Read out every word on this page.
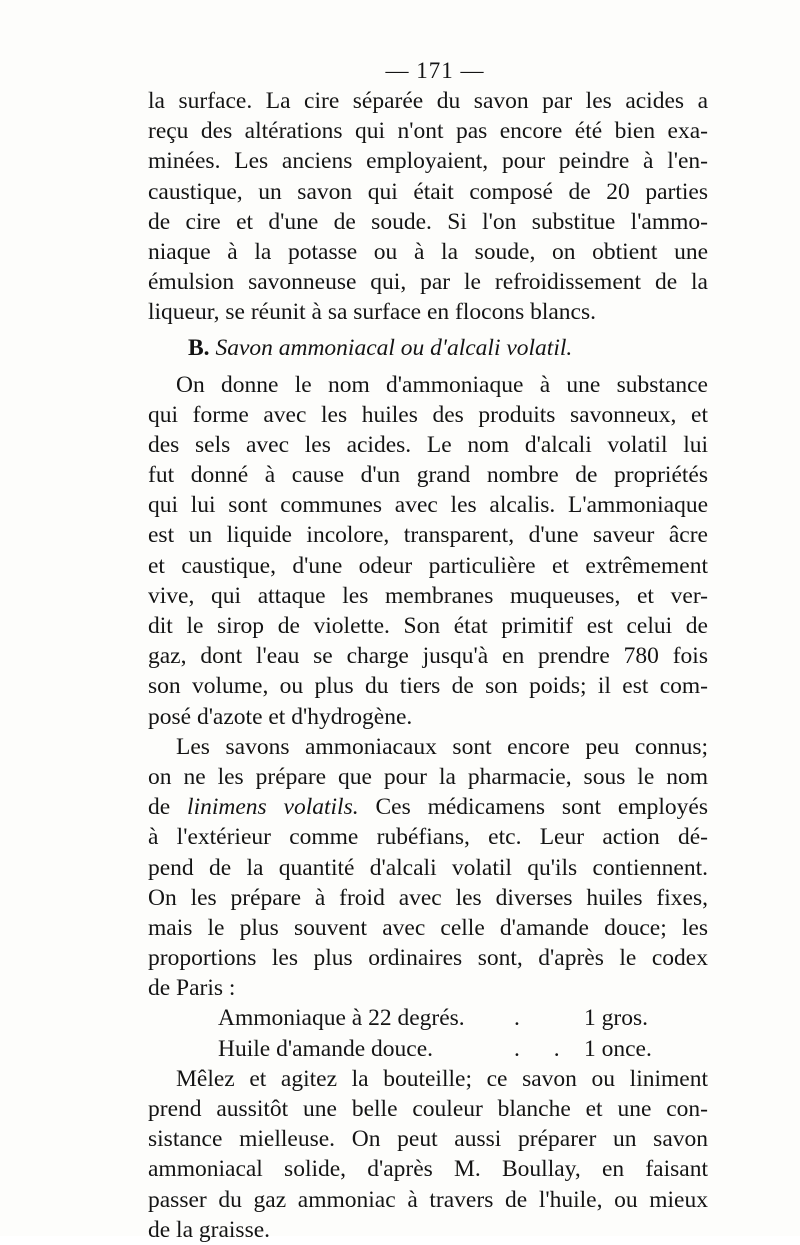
— 171 —
la surface. La cire séparée du savon par les acides a
reçu des altérations qui n'ont pas encore été bien exa-
minées. Les anciens employaient, pour peindre à l'en-
caustique, un savon qui était composé de 20 parties
de cire et d'une de soude. Si l'on substitue l'ammo-
niaque à la potasse ou à la soude, on obtient une
émulsion savonneuse qui, par le refroidissement de la
liqueur, se réunit à sa surface en flocons blancs.
B. Savon ammoniacal ou d'alcali volatil.
On donne le nom d'ammoniaque à une substance
qui forme avec les huiles des produits savonneux, et
des sels avec les acides. Le nom d'alcali volatil lui
fut donné à cause d'un grand nombre de propriétés
qui lui sont communes avec les alcalis. L'ammoniaque
est un liquide incolore, transparent, d'une saveur âcre
et caustique, d'une odeur particulière et extrêmement
vive, qui attaque les membranes muqueuses, et ver-
dit le sirop de violette. Son état primitif est celui de
gaz, dont l'eau se charge jusqu'à en prendre 780 fois
son volume, ou plus du tiers de son poids; il est com-
posé d'azote et d'hydrogène.
Les savons ammoniacaux sont encore peu connus;
on ne les prépare que pour la pharmacie, sous le nom
de linimens volatils. Ces médicamens sont employés
à l'extérieur comme rubéfians, etc. Leur action dé-
pend de la quantité d'alcali volatil qu'ils contiennent.
On les prépare à froid avec les diverses huiles fixes,
mais le plus souvent avec celle d'amande douce; les
proportions les plus ordinaires sont, d'après le codex
de Paris :
Ammoniaque à 22 degrés. . 1 gros.
Huile d'amande douce.	. . 1 once.
Mêlez et agitez la bouteille; ce savon ou liniment
prend aussitôt une belle couleur blanche et une con-
sistance mielleuse. On peut aussi préparer un savon
ammoniacal solide, d'après M. Boullay, en faisant
passer du gaz ammoniac à travers de l'huile, ou mieux
de la graisse.
